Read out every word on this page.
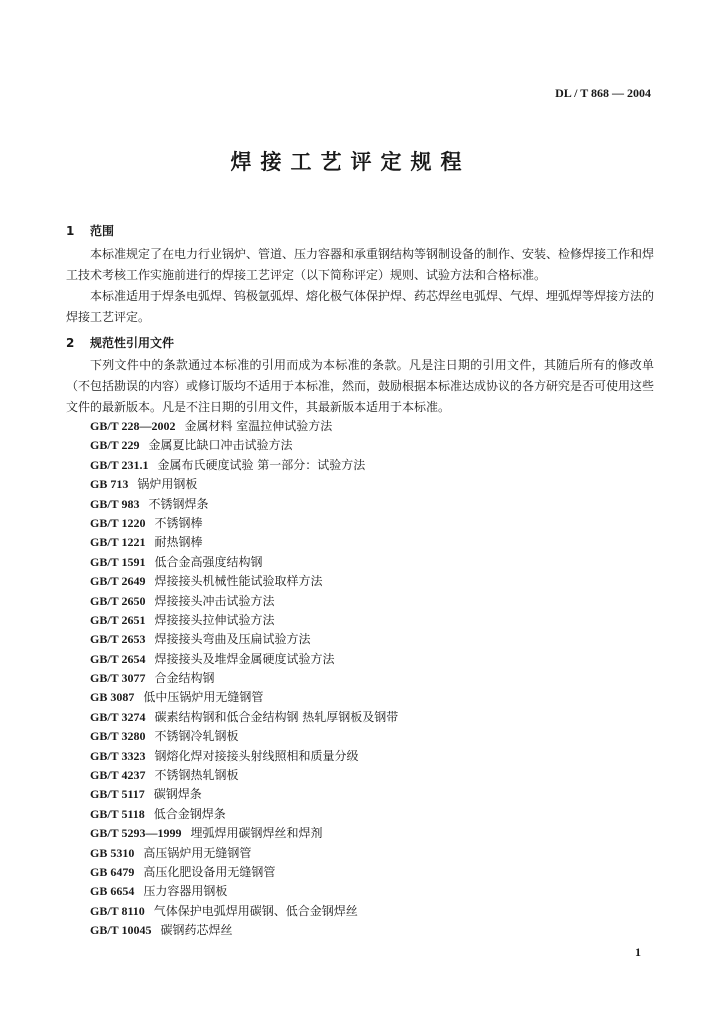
DL / T 868 — 2004
焊接工艺评定规程
1 范围

本标准规定了在电力行业锅炉、管道、压力容器和承重钢结构等钢制设备的制作、安装、检修焊接工作和焊工技术考核工作实施前进行的焊接工艺评定（以下简称评定）规则、试验方法和合格标准。

本标准适用于焊条电弧焊、钨极氩弧焊、熔化极气体保护焊、药芯焊丝电弧焊、气焊、埋弧焊等焊接方法的焊接工艺评定。

2 规范性引用文件

下列文件中的条款通过本标准的引用而成为本标准的条款。凡是注日期的引用文件，其随后所有的修改单（不包括勘误的内容）或修订版均不适用于本标准，然而，鼓励根据本标准达成协议的各方研究是否可使用这些文件的最新版本。凡是不注日期的引用文件，其最新版本适用于本标准。

GB/T 228—2002 金属材料 室温拉伸试验方法
GB/T 229 金属夏比缺口冲击试验方法
GB/T 231.1 金属布氏硬度试验 第一部分：试验方法
GB 713 锅炉用钢板
GB/T 983 不锈钢焊条
GB/T 1220 不锈钢棒
GB/T 1221 耐热钢棒
GB/T 1591 低合金高强度结构钢
GB/T 2649 焊接接头机械性能试验取样方法
GB/T 2650 焊接接头冲击试验方法
GB/T 2651 焊接接头拉伸试验方法
GB/T 2653 焊接接头弯曲及压扁试验方法
GB/T 2654 焊接接头及堆焊金属硬度试验方法
GB/T 3077 合金结构钢
GB 3087 低中压锅炉用无缝钢管
GB/T 3274 碳素结构钢和低合金结构钢 热轧厚钢板及钢带
GB/T 3280 不锈钢冷轧钢板
GB/T 3323 钢熔化焊对接接头射线照相和质量分级
GB/T 4237 不锈钢热轧钢板
GB/T 5117 碳钢焊条
GB/T 5118 低合金钢焊条
GB/T 5293—1999 埋弧焊用碳钢焊丝和焊剂
GB 5310 高压锅炉用无缝钢管
GB 6479 高压化肥设备用无缝钢管
GB 6654 压力容器用钢板
GB/T 8110 气体保护电弧焊用碳钢、低合金钢焊丝
GB/T 10045 碳钢药芯焊丝
1
